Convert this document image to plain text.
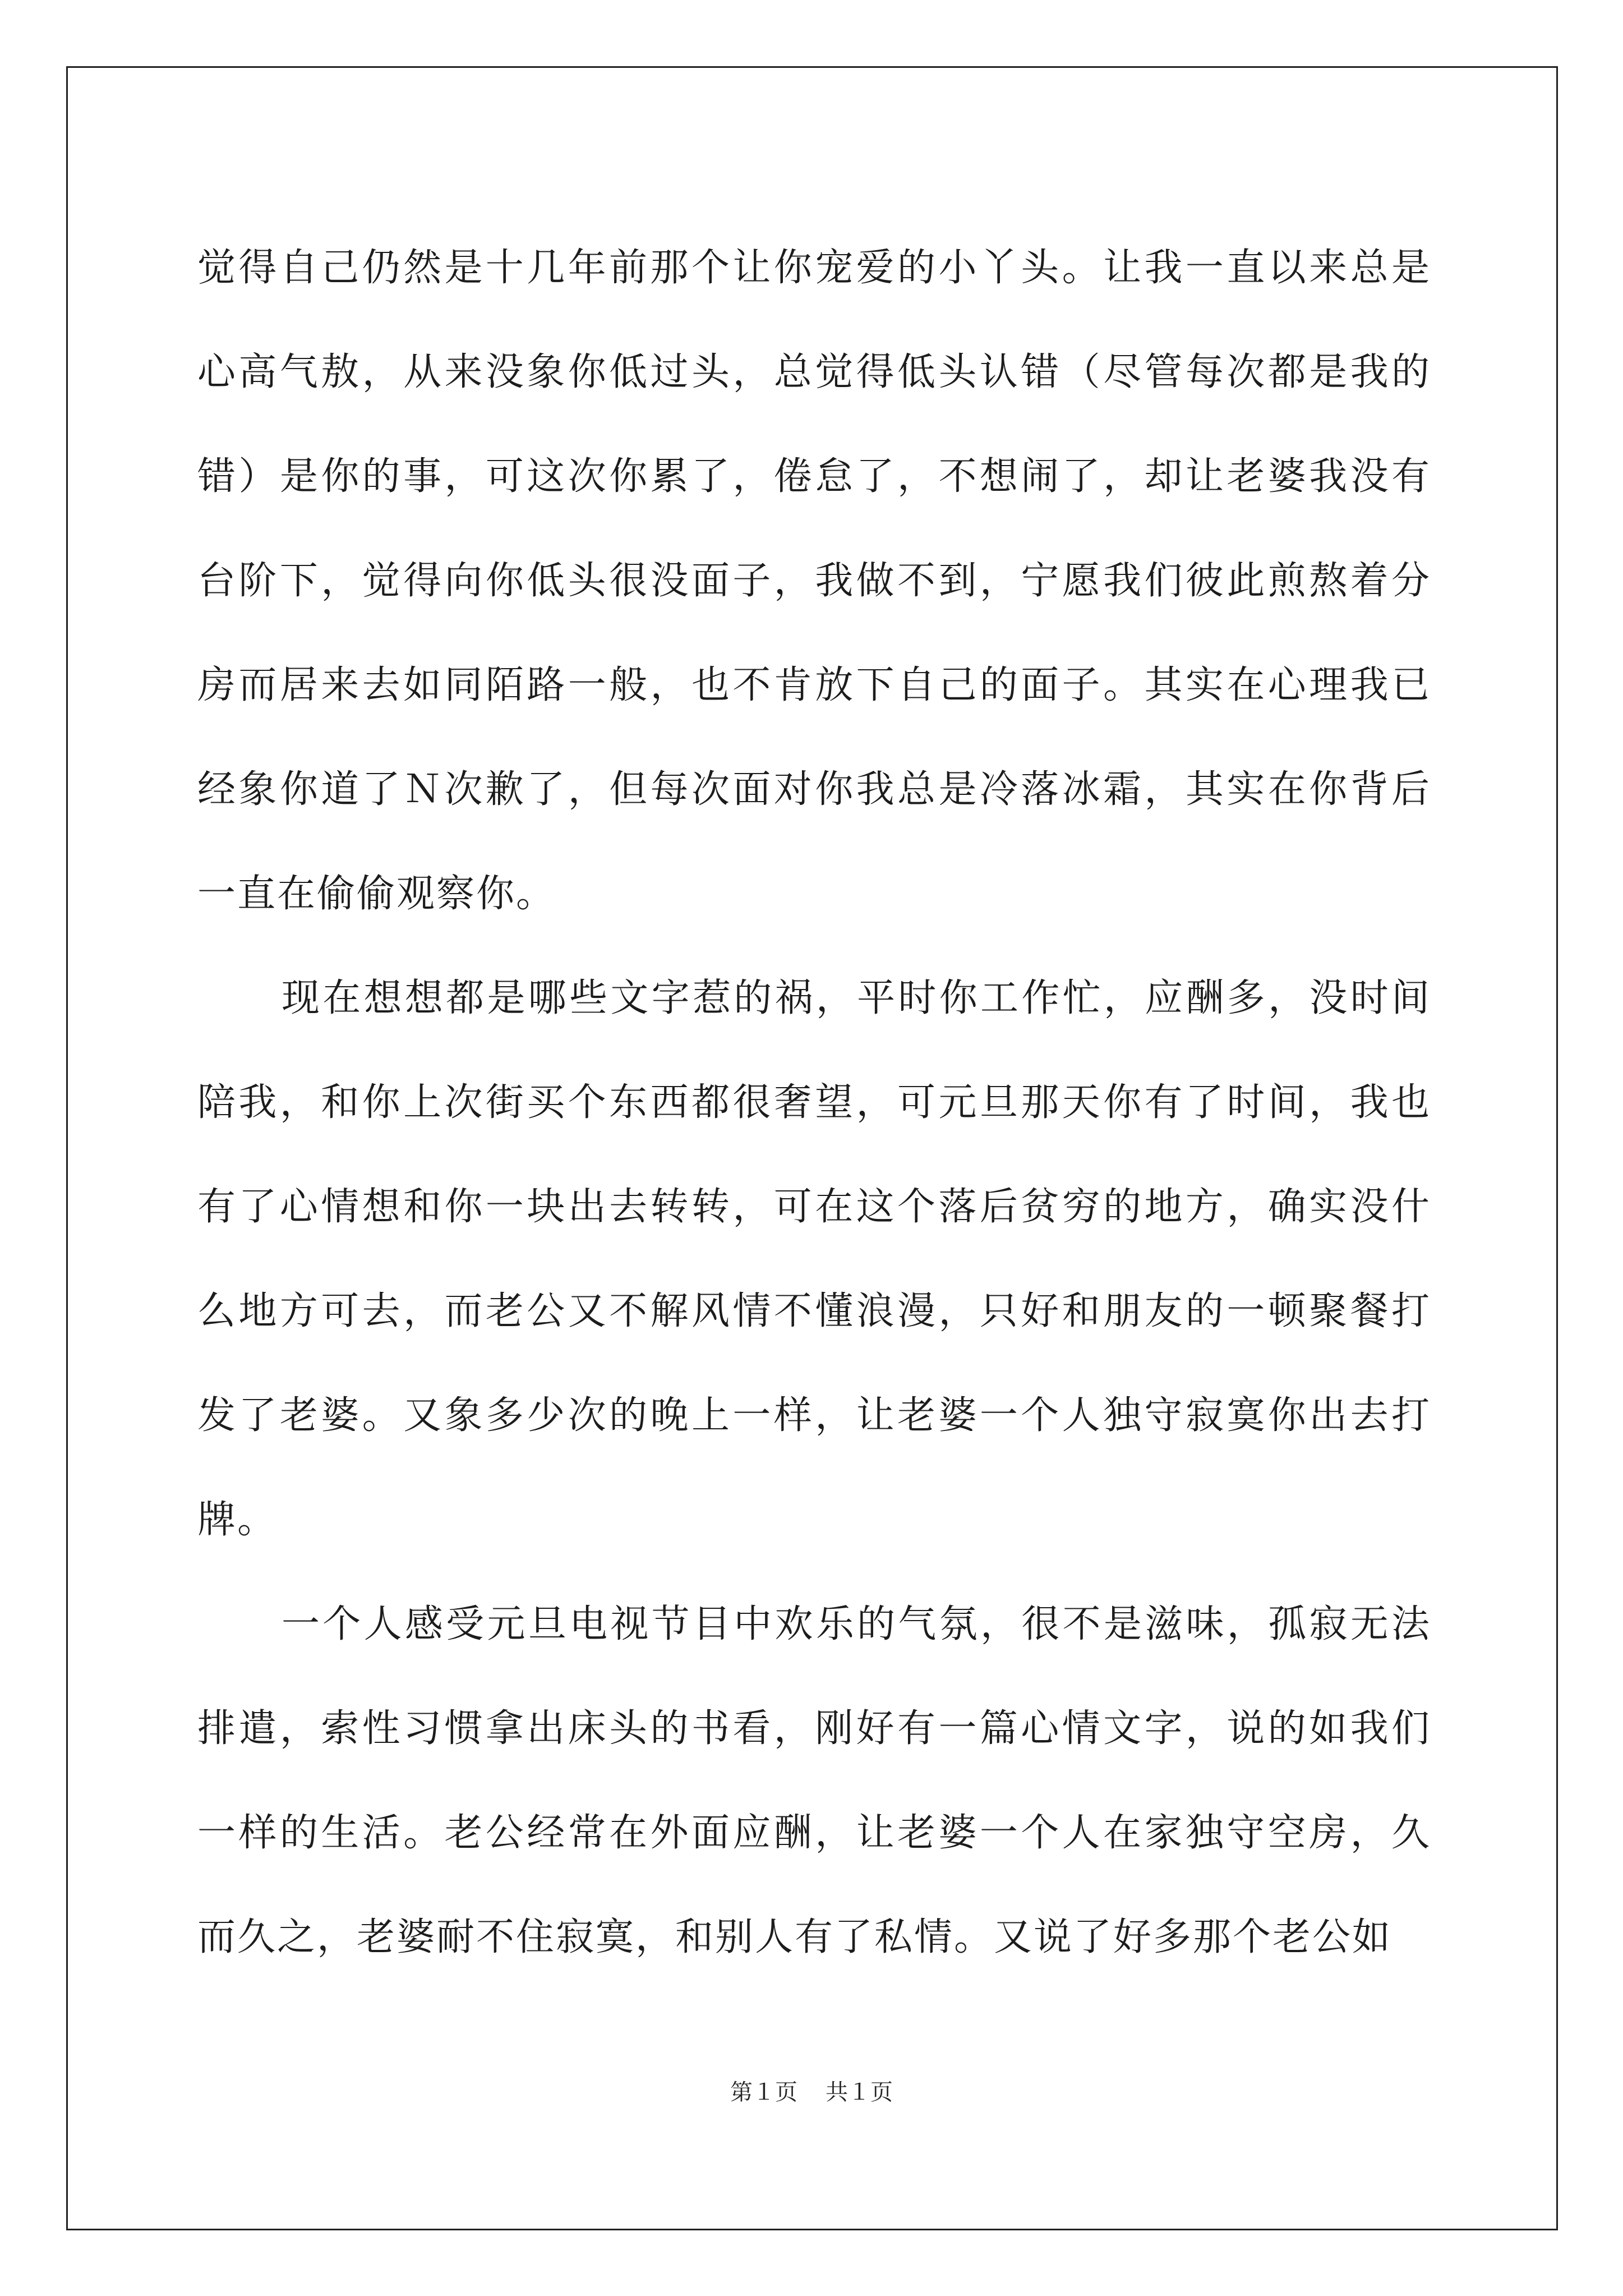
觉得自己仍然是十几年前那个让你宠爱的小丫头。让我一直以来总是心高气敖，从来没象你低过头，总觉得低头认错（尽管每次都是我的错）是你的事，可这次你累了，倦怠了，不想闹了，却让老婆我没有台阶下，觉得向你低头很没面子，我做不到，宁愿我们彼此煎熬着分房而居来去如同陌路一般，也不肯放下自己的面子。其实在心理我已经象你道了Ｎ次歉了，但每次面对你我总是冷落冰霜，其实在你背后一直在偷偷观察你。

现在想想都是哪些文字惹的祸，平时你工作忙，应酬多，没时间陪我，和你上次街买个东西都很奢望，可元旦那天你有了时间，我也有了心情想和你一块出去转转，可在这个落后贫穷的地方，确实没什么地方可去，而老公又不解风情不懂浪漫，只好和朋友的一顿聚餐打发了老婆。又象多少次的晚上一样，让老婆一个人独守寂寞你出去打牌。

一个人感受元旦电视节目中欢乐的气氛，很不是滋味，孤寂无法排遣，索性习惯拿出床头的书看，刚好有一篇心情文字，说的如我们一样的生活。老公经常在外面应酬，让老婆一个人在家独守空房，久而久之，老婆耐不住寂寞，和别人有了私情。又说了好多那个老公如

第１页 共１页
